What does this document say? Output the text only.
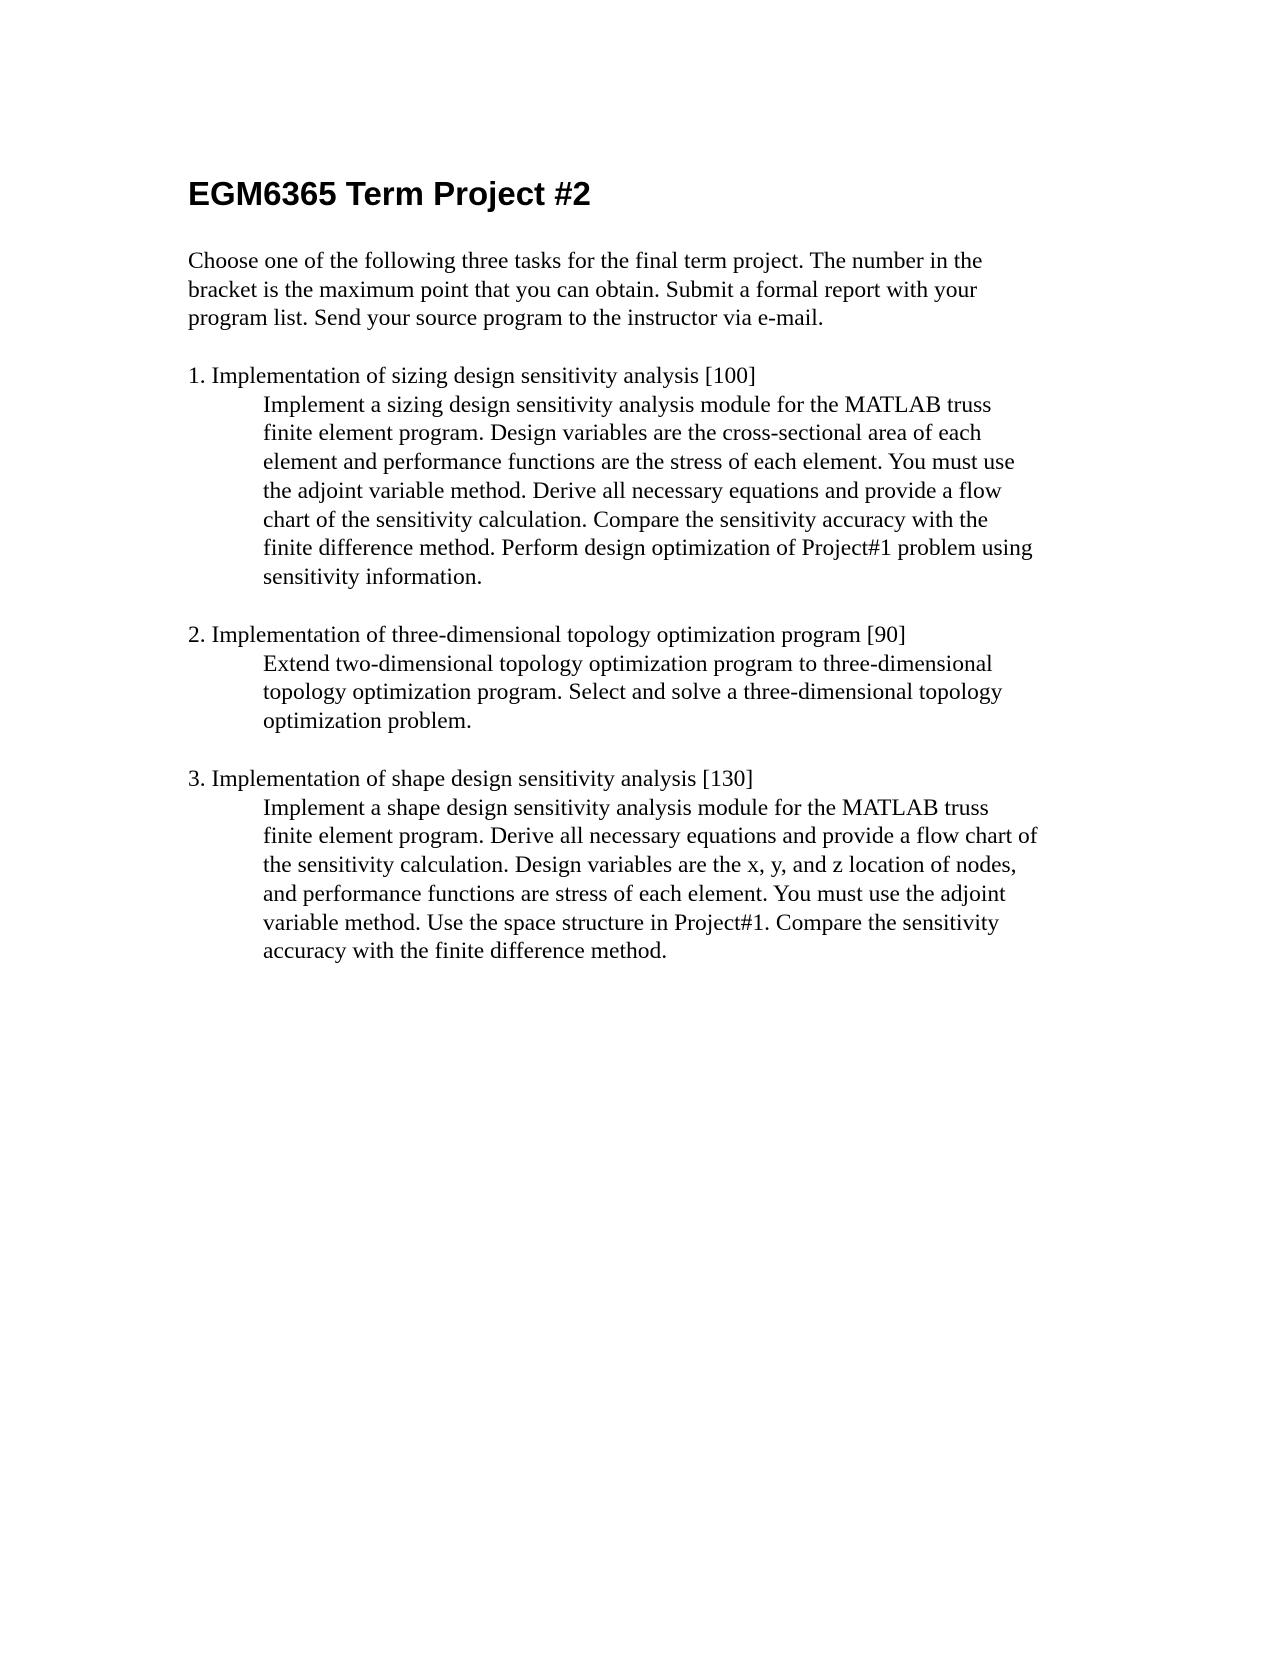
EGM6365 Term Project #2

Choose one of the following three tasks for the final term project. The number in the
bracket is the maximum point that you can obtain. Submit a formal report with your
program list. Send your source program to the instructor via e-mail.

1. Implementation of sizing design sensitivity analysis [100]

Implement a sizing design sensitivity analysis module for the MATLAB truss
finite element program. Design variables are the cross-sectional area of each
element and performance functions are the stress of each element. You must use
the adjoint variable method. Derive all necessary equations and provide a flow
chart of the sensitivity calculation. Compare the sensitivity accuracy with the
finite difference method. Perform design optimization of Project#1 problem using
sensitivity information.

2. Implementation of three-dimensional topology optimization program [90]

Extend two-dimensional topology optimization program to three-dimensional
topology optimization program. Select and solve a three-dimensional topology
optimization problem.

3. Implementation of shape design sensitivity analysis [130]

Implement a shape design sensitivity analysis module for the MATLAB truss
finite element program. Derive all necessary equations and provide a flow chart of
the sensitivity calculation. Design variables are the x, y, and z location of nodes,
and performance functions are stress of each element. You must use the adjoint
variable method. Use the space structure in Project#1. Compare the sensitivity
accuracy with the finite difference method.
